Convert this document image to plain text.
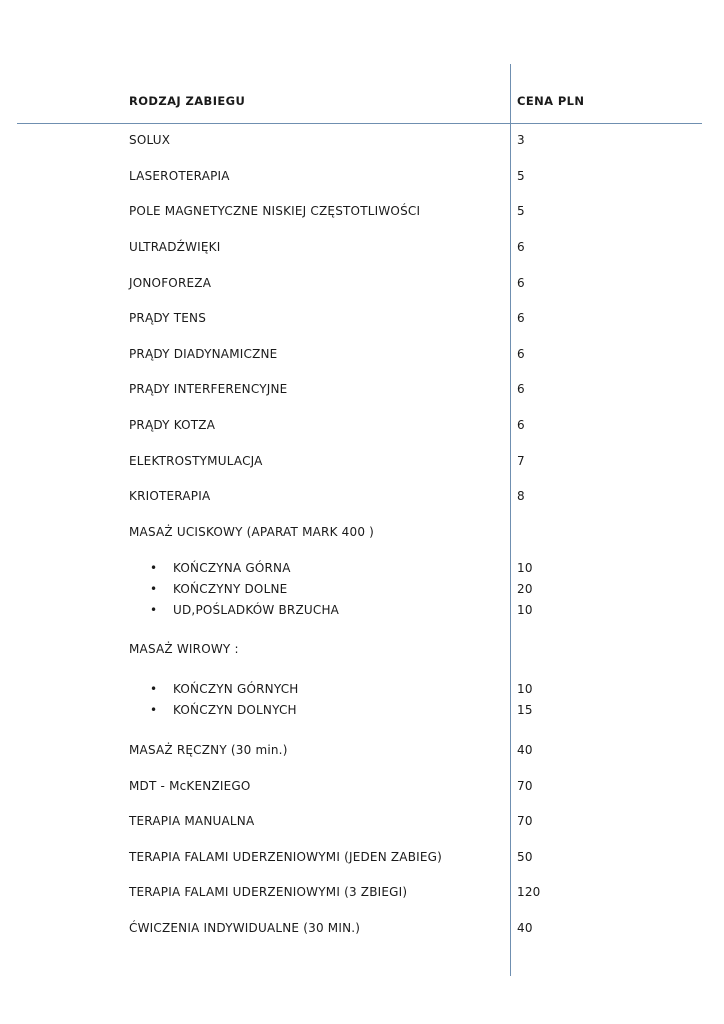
RODZAJ ZABIEGU	CENA PLN
SOLUX	3
LASEROTERAPIA	5
POLE MAGNETYCZNE NISKIEJ CZĘSTOTLIWOŚCI	5
ULTRADŹWIĘKI	6
JONOFOREZA	6
PRĄDY TENS	6
PRĄDY DIADYNAMICZNE	6
PRĄDY INTERFERENCYJNE	6
PRĄDY KOTZA	6
ELEKTROSTYMULACJA	7
KRIOTERAPIA	8
MASAŻ UCISKOWY (APARAT MARK 400 )
• KOŃCZYNA GÓRNA	10
• KOŃCZYNY DOLNE	20
• UD,POŚLADKÓW BRZUCHA	10
MASAŻ WIROWY :
• KOŃCZYN GÓRNYCH	10
• KOŃCZYN DOLNYCH	15
MASAŻ RĘCZNY (30 min.)	40
MDT - McKENZIEGO	70
TERAPIA MANUALNA	70
TERAPIA FALAMI UDERZENIOWYMI (JEDEN ZABIEG)	50
TERAPIA FALAMI UDERZENIOWYMI (3 ZBIEGI)	120
ĆWICZENIA INDYWIDUALNE (30 MIN.)	40
